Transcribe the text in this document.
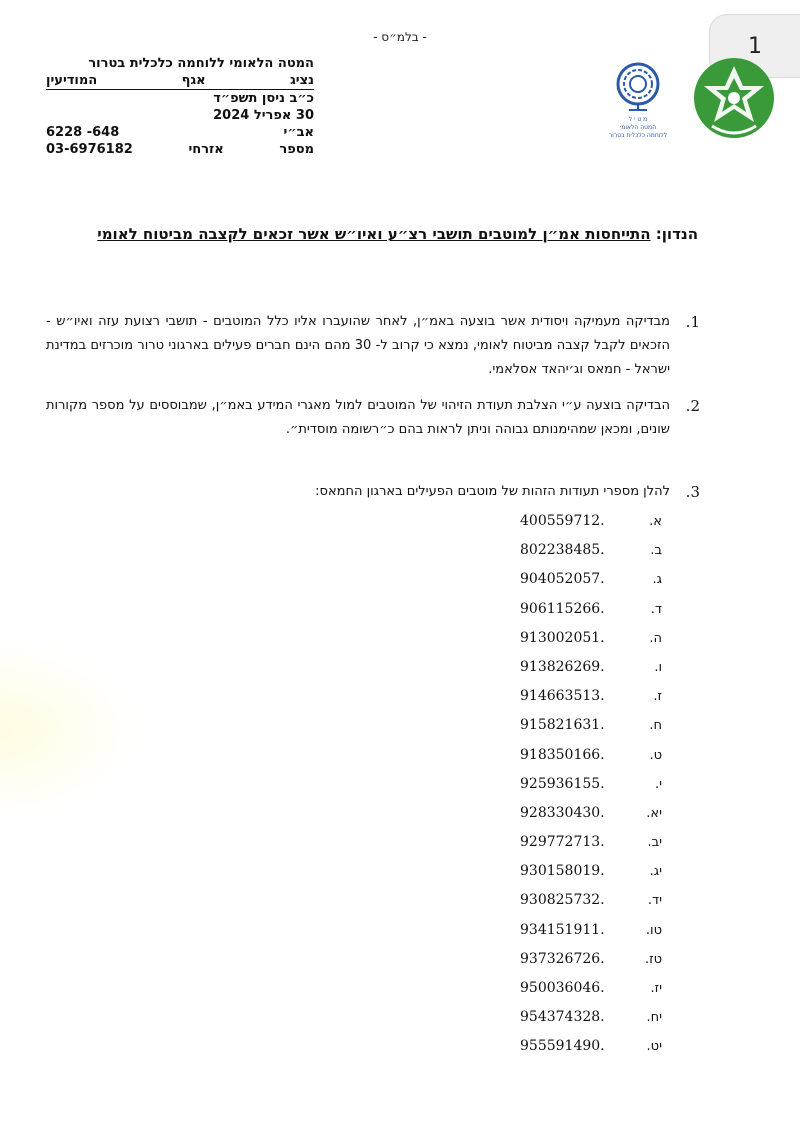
- בלמ״ס -	1
מ ט י ל
המטה הלאומי
ללוחמה כלכלית בטרור
המטה הלאומי ללוחמה כלכלית בטרור
נציג
אגף
המודיעין
כ״ב ניסן תשפ״ד
30 אפריל 2024
אב״י
6228 -648
מספר
אזרחי
03-6976182
הנדון: התייחסות אמ״ן למוטבים תושבי רצ״ע ואיו״ש אשר זכאים לקצבה מביטוח לאומי
1.
מבדיקה מעמיקה ויסודית אשר בוצעה באמ״ן, לאחר שהועברו אליו כלל המוטבים - תושבי רצועת עזה ואיו״ש - הזכאים לקבל קצבה מביטוח לאומי, נמצא כי קרוב ל- 30 מהם הינם חברים פעילים בארגוני טרור מוכרזים במדינת ישראל - חמאס וג׳יהאד אסלאמי.
2.
הבדיקה בוצעה ע״י הצלבת תעודת הזיהוי של המוטבים למול מאגרי המידע באמ״ן, שמבוססים על מספר מקורות שונים, ומכאן שמהימנותם גבוהה וניתן לראות בהם כ״רשומה מוסדית״.
3.
להלן מספרי תעודות הזהות של מוטבים הפעילים בארגון החמאס:
א.
400559712.
ב.
802238485.
ג.
904052057.
ד.
906115266.
ה.
913002051.
ו.
913826269.
ז.
914663513.
ח.
915821631.
ט.
918350166.
י.
925936155.
יא.
928330430.
יב.
929772713.
יג.
930158019.
יד.
930825732.
טו.
934151911.
טז.
937326726.
יז.
950036046.
יח.
954374328.
יט.
955591490.
